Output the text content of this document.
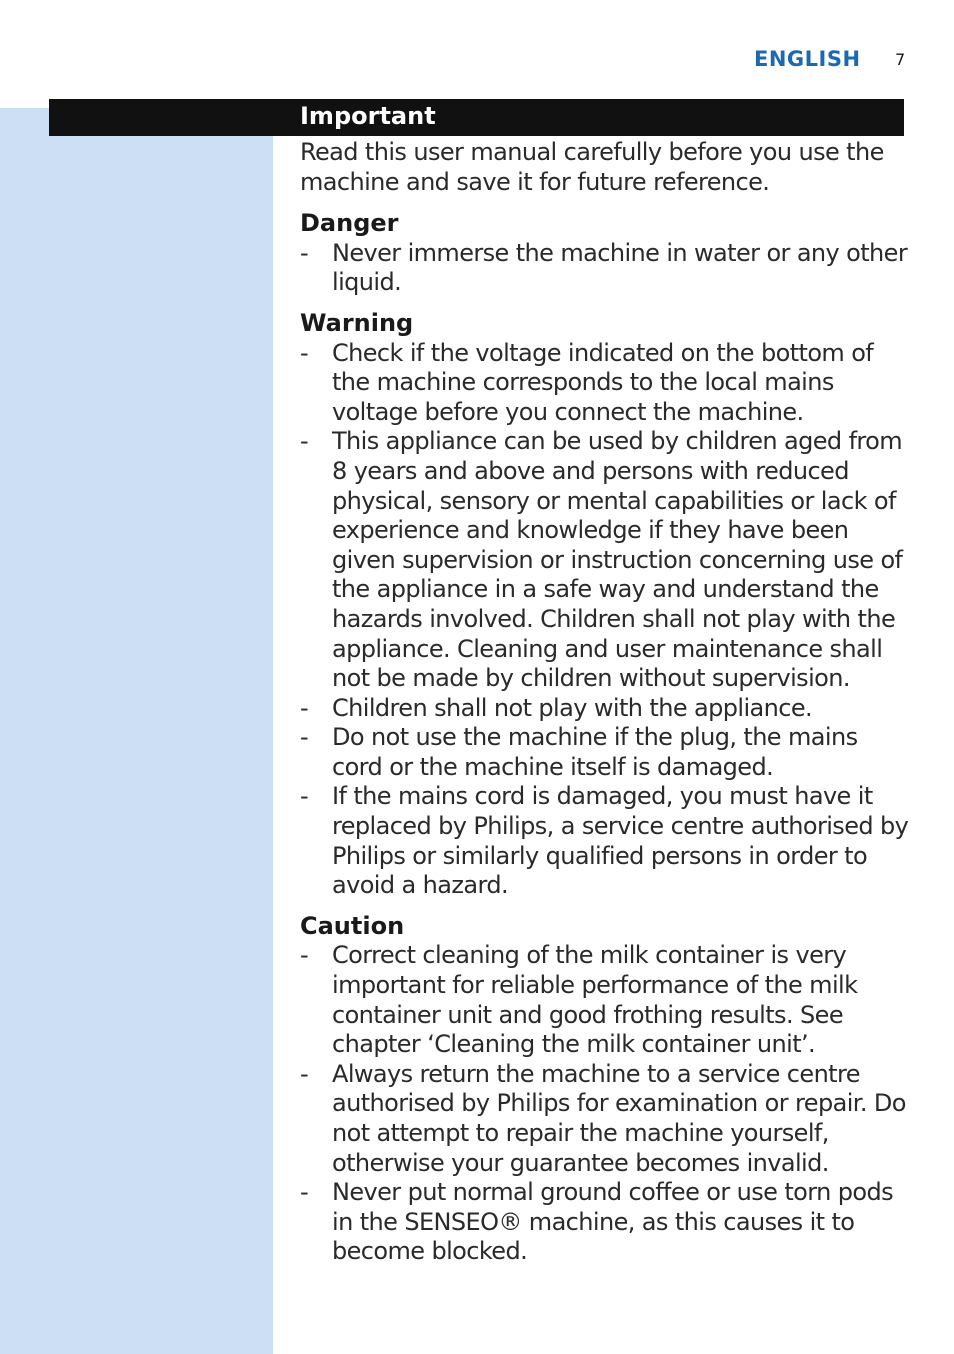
ENGLISH 7
Important

Read this user manual carefully before you use the machine and save it for future reference.

Danger
- Never immerse the machine in water or any other liquid.
Warning
- Check if the voltage indicated on the bottom of the machine corresponds to the local mains voltage before you connect the machine.
- This appliance can be used by children aged from 8 years and above and persons with reduced physical, sensory or mental capabilities or lack of experience and knowledge if they have been given supervision or instruction concerning use of the appliance in a safe way and understand the hazards involved. Children shall not play with the appliance. Cleaning and user maintenance shall not be made by children without supervision.
- Children shall not play with the appliance.
- Do not use the machine if the plug, the mains cord or the machine itself is damaged.
- If the mains cord is damaged, you must have it replaced by Philips, a service centre authorised by Philips or similarly qualified persons in order to avoid a hazard.
Caution
- Correct cleaning of the milk container is very important for reliable performance of the milk container unit and good frothing results. See chapter ‘Cleaning the milk container unit’.
- Always return the machine to a service centre authorised by Philips for examination or repair. Do not attempt to repair the machine yourself, otherwise your guarantee becomes invalid.
- Never put normal ground coffee or use torn pods in the SENSEO® machine, as this causes it to become blocked.
